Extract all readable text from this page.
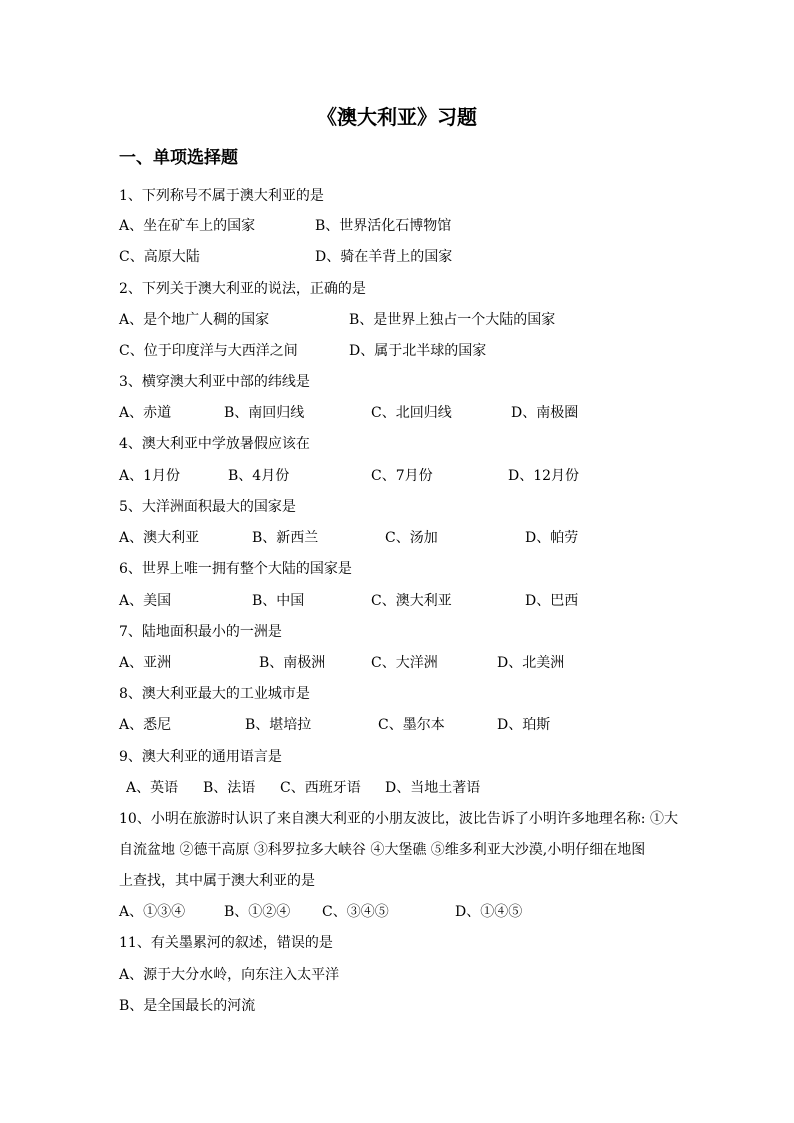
《澳大利亚》习题
一、单项选择题
1、下列称号不属于澳大利亚的是
A、坐在矿车上的国家	B、世界活化石博物馆
C、高原大陆	D、骑在羊背上的国家
2、下列关于澳大利亚的说法，正确的是
A、是个地广人稠的国家	B、是世界上独占一个大陆的国家
C、位于印度洋与大西洋之间	D、属于北半球的国家
3、横穿澳大利亚中部的纬线是
A、赤道	B、南回归线	C、北回归线	D、南极圈
4、澳大利亚中学放暑假应该在
A、1月份	B、4月份	C、7月份	D、12月份
5、大洋洲面积最大的国家是
A、澳大利亚	B、新西兰	C、汤加	D、帕劳
6、世界上唯一拥有整个大陆的国家是
A、美国	B、中国	C、澳大利亚	D、巴西
7、陆地面积最小的一洲是
A、亚洲	B、南极洲	C、大洋洲	D、北美洲
8、澳大利亚最大的工业城市是
A、悉尼	B、堪培拉	C、墨尔本	D、珀斯
9、澳大利亚的通用语言是
A、英语 B、法语 C、西班牙语 D、当地土著语
10、小明在旅游时认识了来自澳大利亚的小朋友波比，波比告诉了小明许多地理名称: ①大
自流盆地 ②德干高原 ③科罗拉多大峡谷 ④大堡礁 ⑤维多利亚大沙漠,小明仔细在地图
上查找，其中属于澳大利亚的是
A、①③④	B、①②④ C、③④⑤	D、①④⑤
11、有关墨累河的叙述，错误的是
A、源于大分水岭，向东注入太平洋
B、是全国最长的河流
